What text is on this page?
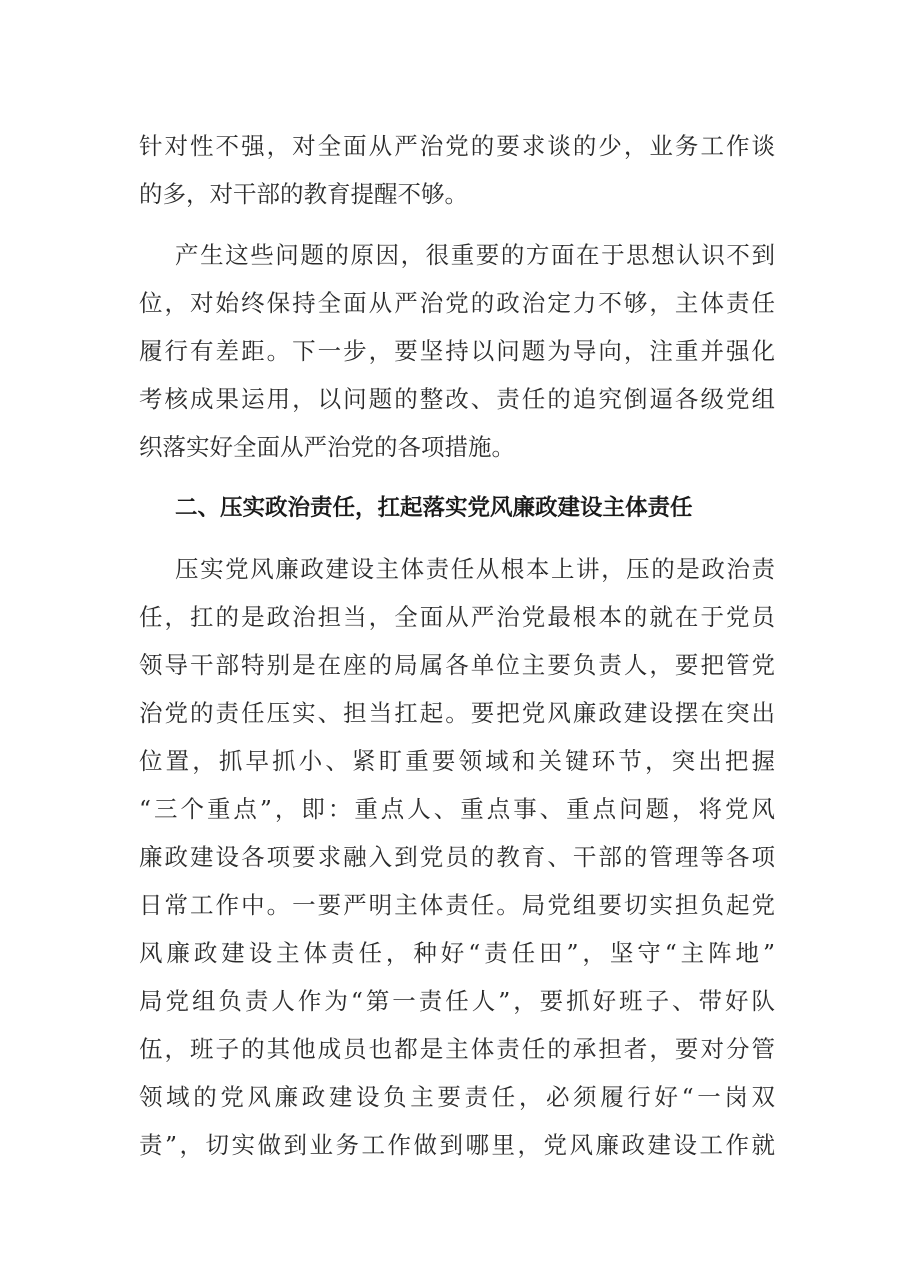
针对性不强，对全面从严治党的要求谈的少，业务工作谈
的多，对干部的教育提醒不够。
产生这些问题的原因，很重要的方面在于思想认识不到
位，对始终保持全面从严治党的政治定力不够，主体责任
履行有差距。下一步，要坚持以问题为导向，注重并强化
考核成果运用，以问题的整改、责任的追究倒逼各级党组
织落实好全面从严治党的各项措施。
二、压实政治责任，扛起落实党风廉政建设主体责任
压实党风廉政建设主体责任从根本上讲，压的是政治责
任，扛的是政治担当，全面从严治党最根本的就在于党员
领导干部特别是在座的局属各单位主要负责人，要把管党
治党的责任压实、担当扛起。要把党风廉政建设摆在突出
位置，抓早抓小、紧盯重要领域和关键环节，突出把握
“三个重点”，即：重点人、重点事、重点问题，将党风
廉政建设各项要求融入到党员的教育、干部的管理等各项
日常工作中。一要严明主体责任。局党组要切实担负起党
风廉政建设主体责任，种好“责任田”，坚守“主阵地”
局党组负责人作为“第一责任人”，要抓好班子、带好队
伍，班子的其他成员也都是主体责任的承担者，要对分管
领域的党风廉政建设负主要责任，必须履行好“一岗双
责”，切实做到业务工作做到哪里，党风廉政建设工作就
